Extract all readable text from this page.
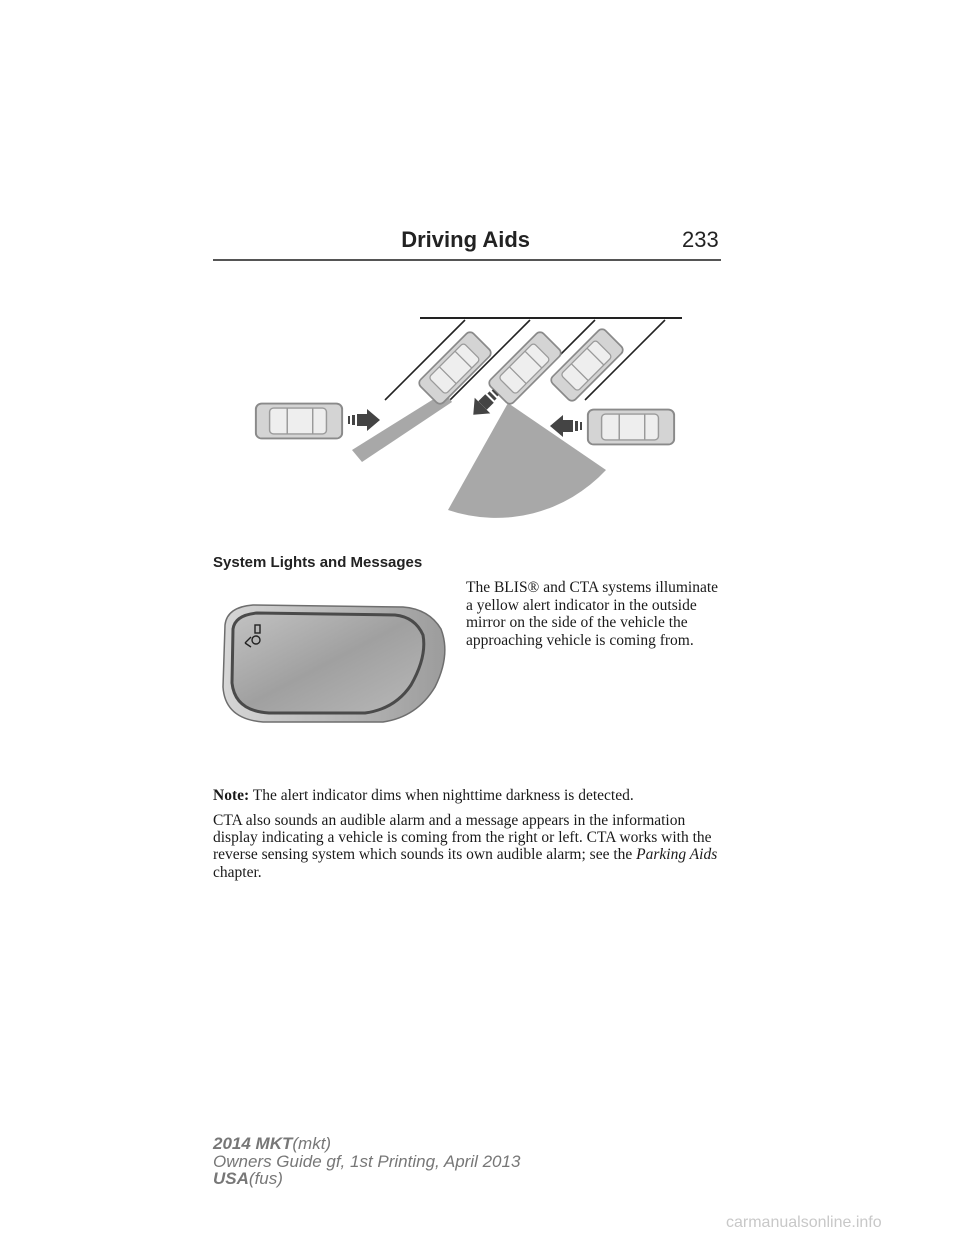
Driving Aids	233
System Lights and Messages

The BLIS® and CTA systems illuminate a yellow alert indicator in the outside mirror on the side of the vehicle the approaching vehicle is coming from.

Note: The alert indicator dims when nighttime darkness is detected.

CTA also sounds an audible alarm and a message appears in the information display indicating a vehicle is coming from the right or left. CTA works with the reverse sensing system which sounds its own audible alarm; see the Parking Aids chapter.

2014 MKT(mkt)
Owners Guide gf, 1st Printing, April 2013
USA(fus)
carmanualsonline.info
